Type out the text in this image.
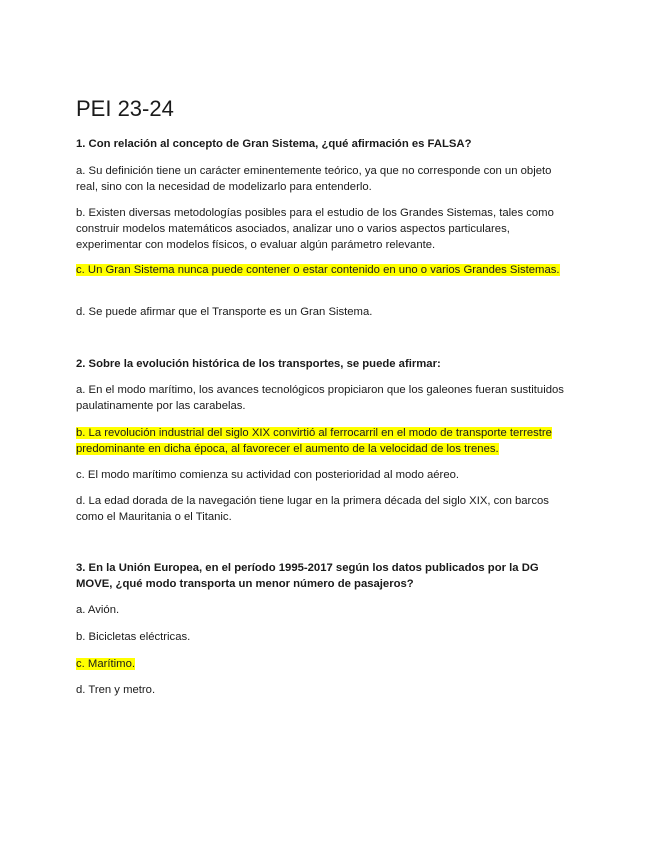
PEI 23-24

1. Con relación al concepto de Gran Sistema, ¿qué afirmación es FALSA?

a. Su definición tiene un carácter eminentemente teórico, ya que no corresponde con un objeto real, sino con la necesidad de modelizarlo para entenderlo.

b. Existen diversas metodologías posibles para el estudio de los Grandes Sistemas, tales como construir modelos matemáticos asociados, analizar uno o varios aspectos particulares, experimentar con modelos físicos, o evaluar algún parámetro relevante.

c. Un Gran Sistema nunca puede contener o estar contenido en uno o varios Grandes Sistemas.

d. Se puede afirmar que el Transporte es un Gran Sistema.

2. Sobre la evolución histórica de los transportes, se puede afirmar:

a. En el modo marítimo, los avances tecnológicos propiciaron que los galeones fueran sustituidos paulatinamente por las carabelas.

b. La revolución industrial del siglo XIX convirtió al ferrocarril en el modo de transporte terrestre predominante en dicha época, al favorecer el aumento de la velocidad de los trenes.

c. El modo marítimo comienza su actividad con posterioridad al modo aéreo.

d. La edad dorada de la navegación tiene lugar en la primera década del siglo XIX, con barcos como el Mauritania o el Titanic.

3. En la Unión Europea, en el período 1995-2017 según los datos publicados por la DG MOVE, ¿qué modo transporta un menor número de pasajeros?

a. Avión.

b. Bicicletas eléctricas.

c. Marítimo.

d. Tren y metro.
